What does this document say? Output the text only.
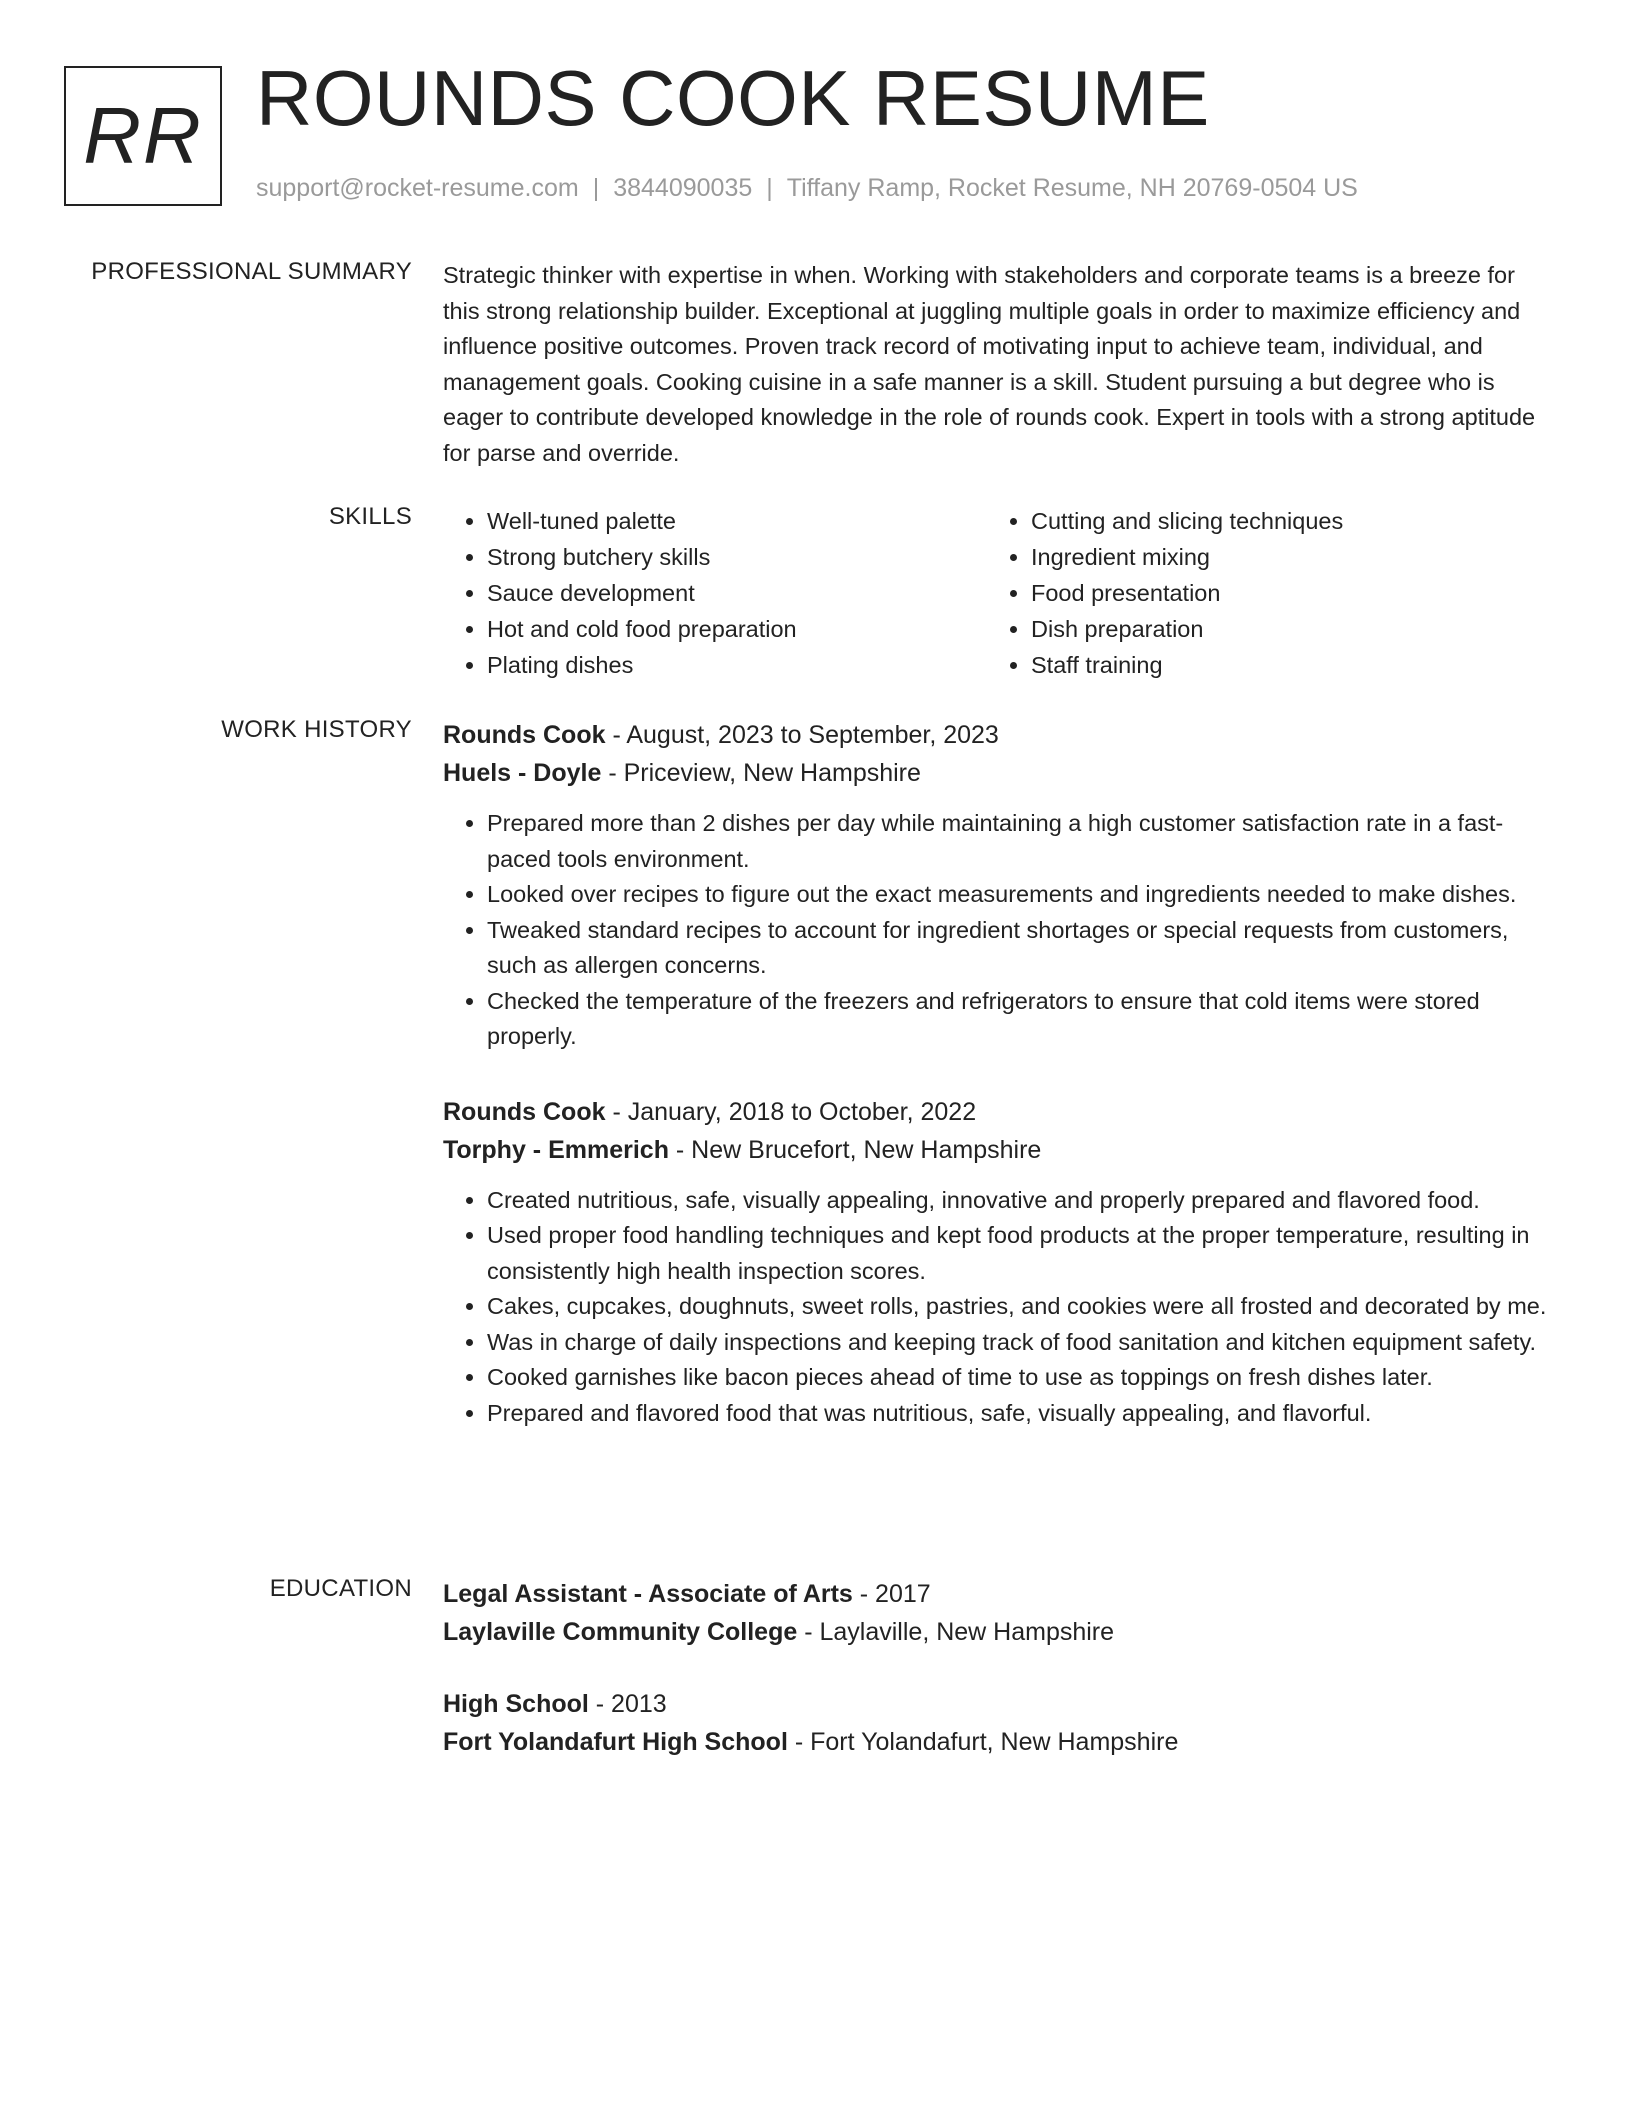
RR ROUNDS COOK RESUME
support@rocket-resume.com | 3844090035 | Tiffany Ramp, Rocket Resume, NH 20769-0504 US
PROFESSIONAL SUMMARY Strategic thinker with expertise in when. Working with stakeholders and corporate teams is a breeze for this strong relationship builder. Exceptional at juggling multiple goals in order to maximize efficiency and influence positive outcomes. Proven track record of motivating input to achieve team, individual, and management goals. Cooking cuisine in a safe manner is a skill. Student pursuing a but degree who is eager to contribute developed knowledge in the role of rounds cook. Expert in tools with a strong aptitude for parse and override.

SKILLS
•	Well-tuned palette
• Strong butchery skills
• Sauce development
• Hot and cold food preparation
• Plating dishes
• Cutting and slicing techniques
• Ingredient mixing
• Food presentation
• Dish preparation
• Staff training
WORK HISTORY Rounds Cook - August, 2023 to September, 2023
Huels - Doyle - Priceview, New Hampshire
• Prepared more than 2 dishes per day while maintaining a high customer satisfaction rate in a fast-paced tools environment.
• Looked over recipes to figure out the exact measurements and ingredients needed to make dishes.
• Tweaked standard recipes to account for ingredient shortages or special requests from customers, such as allergen concerns.
• Checked the temperature of the freezers and refrigerators to ensure that cold items were stored properly.
Rounds Cook - January, 2018 to October, 2022
Torphy - Emmerich - New Brucefort, New Hampshire
• Created nutritious, safe, visually appealing, innovative and properly prepared and flavored food.
• Used proper food handling techniques and kept food products at the proper temperature, resulting in consistently high health inspection scores.
• Cakes, cupcakes, doughnuts, sweet rolls, pastries, and cookies were all frosted and decorated by me.
• Was in charge of daily inspections and keeping track of food sanitation and kitchen equipment safety.
• Cooked garnishes like bacon pieces ahead of time to use as toppings on fresh dishes later.
• Prepared and flavored food that was nutritious, safe, visually appealing, and flavorful.
EDUCATION Legal Assistant - Associate of Arts - 2017
Laylaville Community College - Laylaville, New Hampshire
High School - 2013
Fort Yolandafurt High School - Fort Yolandafurt, New Hampshire
